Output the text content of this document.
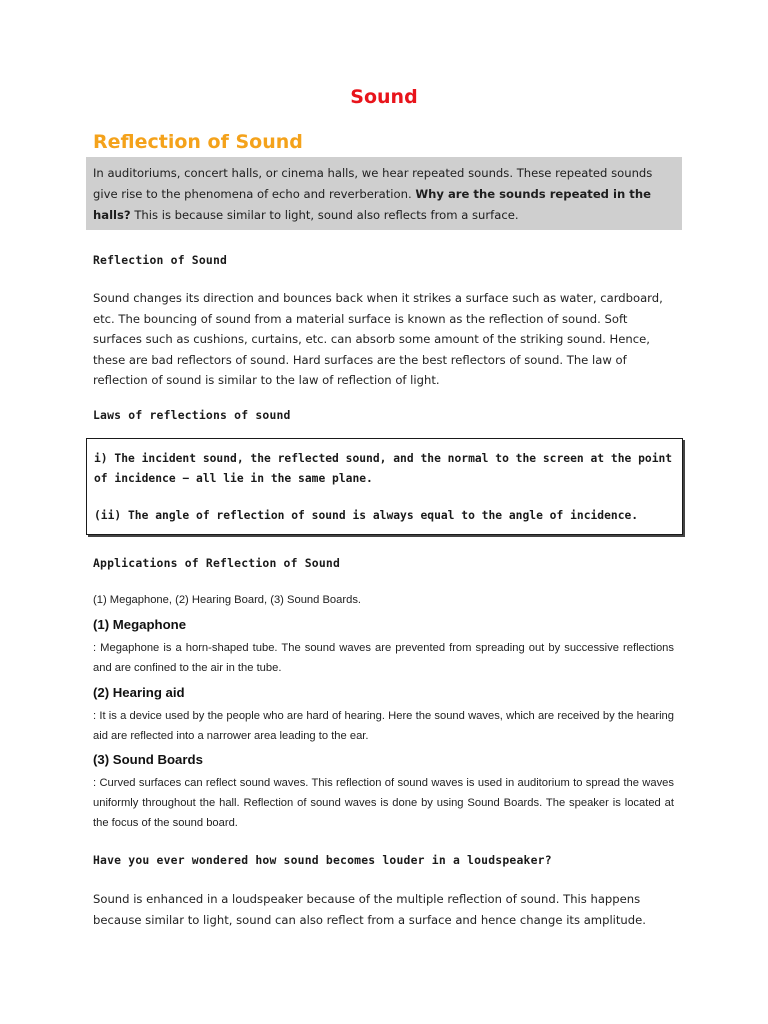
Sound
Reflection of Sound
In auditoriums, concert halls, or cinema halls, we hear repeated sounds. These repeated sounds give rise to the phenomena of echo and reverberation. Why are the sounds repeated in the halls? This is because similar to light, sound also reflects from a surface.
Reflection of Sound

Sound changes its direction and bounces back when it strikes a surface such as water, cardboard, etc. The bouncing of sound from a material surface is known as the reflection of sound. Soft surfaces such as cushions, curtains, etc. can absorb some amount of the striking sound. Hence, these are bad reflectors of sound. Hard surfaces are the best reflectors of sound. The law of reflection of sound is similar to the law of reflection of light.

Laws of reflections of sound

i) The incident sound, the reflected sound, and the normal to the screen at the point of incidence − all lie in the same plane.

(ii) The angle of reflection of sound is always equal to the angle of incidence.

Applications of Reflection of Sound

(1) Megaphone, (2) Hearing Board, (3) Sound Boards.

(1) Megaphone

: Megaphone is a horn-shaped tube. The sound waves are prevented from spreading out by successive reflections and are confined to the air in the tube.

(2) Hearing aid

: It is a device used by the people who are hard of hearing. Here the sound waves, which are received by the hearing aid are reflected into a narrower area leading to the ear.

(3) Sound Boards

: Curved surfaces can reflect sound waves. This reflection of sound waves is used in auditorium to spread the waves uniformly throughout the hall. Reflection of sound waves is done by using Sound Boards. The speaker is located at the focus of the sound board.

Have you ever wondered how sound becomes louder in a loudspeaker?

Sound is enhanced in a loudspeaker because of the multiple reflection of sound. This happens because similar to light, sound can also reflect from a surface and hence change its amplitude.
